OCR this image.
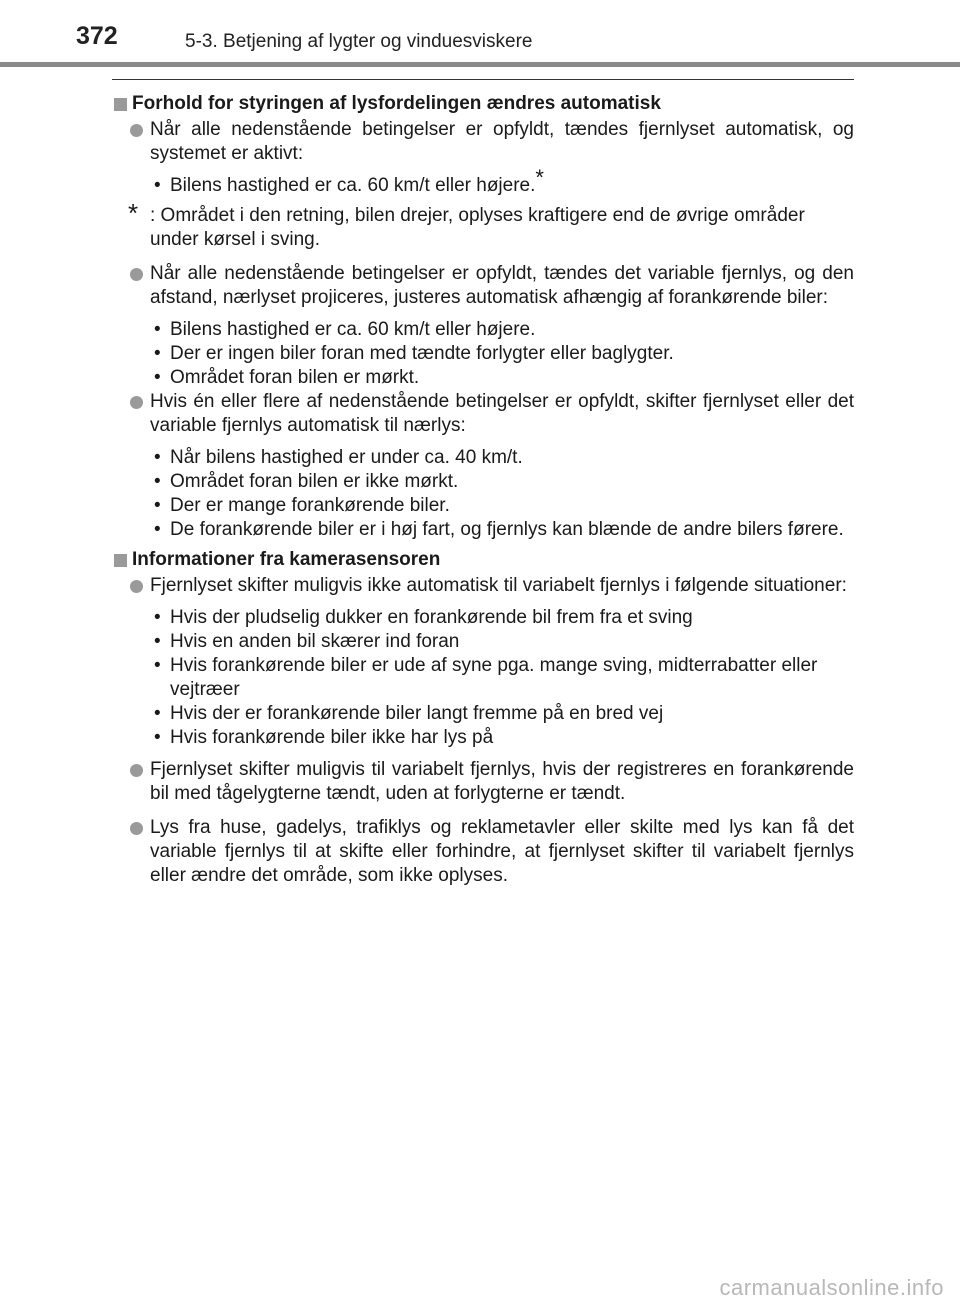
372	5-3. Betjening af lygter og vinduesviskere
Forhold for styringen af lysfordelingen ændres automatisk

Når alle nedenstående betingelser er opfyldt, tændes fjernlyset automatisk, og systemet er aktivt:

• Bilens hastighed er ca. 60 km/t eller højere.*

* : Området i den retning, bilen drejer, oplyses kraftigere end de øvrige områder under kørsel i sving.

Når alle nedenstående betingelser er opfyldt, tændes det variable fjernlys, og den afstand, nærlyset projiceres, justeres automatisk afhængig af forankørende biler:

• Bilens hastighed er ca. 60 km/t eller højere.
• Der er ingen biler foran med tændte forlygter eller baglygter.
• Området foran bilen er mørkt.

Hvis én eller flere af nedenstående betingelser er opfyldt, skifter fjernlyset eller det variable fjernlys automatisk til nærlys:

• Når bilens hastighed er under ca. 40 km/t.
• Området foran bilen er ikke mørkt.
• Der er mange forankørende biler.
• De forankørende biler er i høj fart, og fjernlys kan blænde de andre bilers førere.
Informationer fra kamerasensoren

Fjernlyset skifter muligvis ikke automatisk til variabelt fjernlys i følgende situationer:

• Hvis der pludselig dukker en forankørende bil frem fra et sving
• Hvis en anden bil skærer ind foran
• Hvis forankørende biler er ude af syne pga. mange sving, midterrabatter eller vejtræer
• Hvis der er forankørende biler langt fremme på en bred vej
• Hvis forankørende biler ikke har lys på

Fjernlyset skifter muligvis til variabelt fjernlys, hvis der registreres en forankørende bil med tågelygterne tændt, uden at forlygterne er tændt.

Lys fra huse, gadelys, trafiklys og reklametavler eller skilte med lys kan få det variable fjernlys til at skifte eller forhindre, at fjernlyset skifter til variabelt fjernlys eller ændre det område, som ikke oplyses.

carmanualsonline.info
